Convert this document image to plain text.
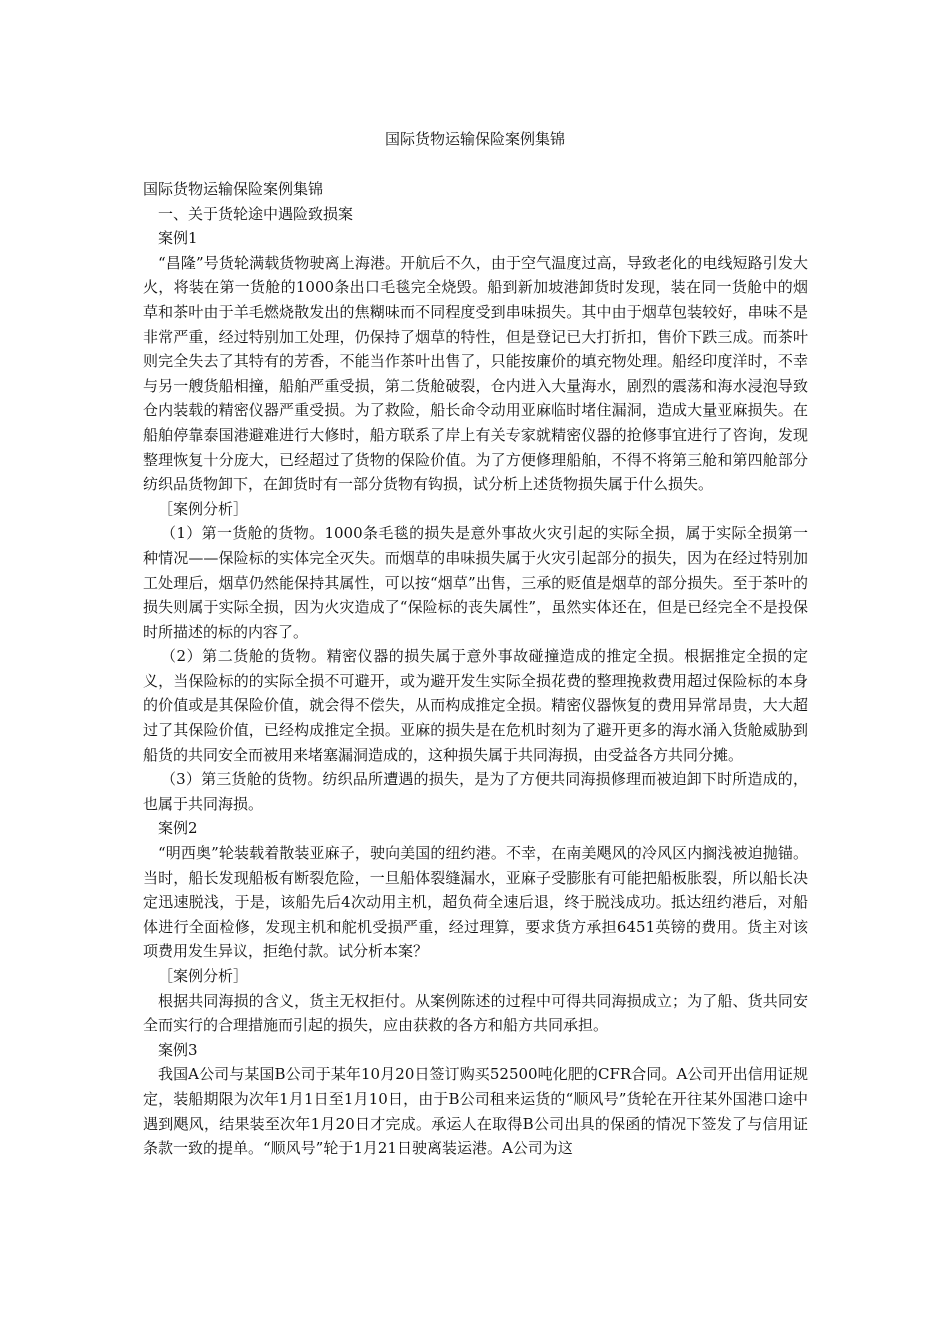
国际货物运输保险案例集锦

国际货物运输保险案例集锦

一、关于货轮途中遇险致损案

案例1

“昌隆”号货轮满载货物驶离上海港。开航后不久，由于空气温度过高，导致老化的电线短路引发大火，将装在第一货舱的1000条出口毛毯完全烧毁。船到新加坡港卸货时发现，装在同一货舱中的烟草和茶叶由于羊毛燃烧散发出的焦糊味而不同程度受到串味损失。其中由于烟草包装较好，串味不是非常严重，经过特别加工处理，仍保持了烟草的特性，但是登记已大打折扣，售价下跌三成。而茶叶则完全失去了其特有的芳香，不能当作茶叶出售了，只能按廉价的填充物处理。船经印度洋时，不幸与另一艘货船相撞，船舶严重受损，第二货舱破裂，仓内进入大量海水，剧烈的震荡和海水浸泡导致仓内装载的精密仪器严重受损。为了救险，船长命令动用亚麻临时堵住漏洞，造成大量亚麻损失。在船舶停靠泰国港避难进行大修时，船方联系了岸上有关专家就精密仪器的抢修事宜进行了咨询，发现整理恢复十分庞大，已经超过了货物的保险价值。为了方便修理船舶，不得不将第三舱和第四舱部分纺织品货物卸下，在卸货时有一部分货物有钩损，试分析上述货物损失属于什么损失。

［案例分析］

（1）第一货舱的货物。1000条毛毯的损失是意外事故火灾引起的实际全损，属于实际全损第一种情况——保险标的实体完全灭失。而烟草的串味损失属于火灾引起部分的损失，因为在经过特别加工处理后，烟草仍然能保持其属性，可以按“烟草”出售，三承的贬值是烟草的部分损失。至于茶叶的损失则属于实际全损，因为火灾造成了“保险标的丧失属性”，虽然实体还在，但是已经完全不是投保时所描述的标的内容了。

（2）第二货舱的货物。精密仪器的损失属于意外事故碰撞造成的推定全损。根据推定全损的定义，当保险标的的实际全损不可避开，或为避开发生实际全损花费的整理挽救费用超过保险标的本身的价值或是其保险价值，就会得不偿失，从而构成推定全损。精密仪器恢复的费用异常昂贵，大大超过了其保险价值，已经构成推定全损。亚麻的损失是在危机时刻为了避开更多的海水涌入货舱威胁到船货的共同安全而被用来堵塞漏洞造成的，这种损失属于共同海损，由受益各方共同分摊。

（3）第三货舱的货物。纺织品所遭遇的损失，是为了方便共同海损修理而被迫卸下时所造成的，也属于共同海损。

案例2

“明西奥”轮装载着散装亚麻子，驶向美国的纽约港。不幸，在南美飓风的冷风区内搁浅被迫抛锚。当时，船长发现船板有断裂危险，一旦船体裂缝漏水，亚麻子受膨胀有可能把船板胀裂，所以船长决定迅速脱浅，于是，该船先后4次动用主机，超负荷全速后退，终于脱浅成功。抵达纽约港后，对船体进行全面检修，发现主机和舵机受损严重，经过理算，要求货方承担6451英镑的费用。货主对该项费用发生异议，拒绝付款。试分析本案？

［案例分析］

根据共同海损的含义，货主无权拒付。从案例陈述的过程中可得共同海损成立；为了船、货共同安全而实行的合理措施而引起的损失，应由获救的各方和船方共同承担。

案例3

我国A公司与某国B公司于某年10月20日签订购买52500吨化肥的CFR合同。A公司开出信用证规定，装船期限为次年1月1日至1月10日，由于B公司租来运货的“顺风号”货轮在开往某外国港口途中遇到飓风，结果装至次年1月20日才完成。承运人在取得B公司出具的保函的情况下签发了与信用证条款一致的提单。“顺风号”轮于1月21日驶离装运港。A公司为这
